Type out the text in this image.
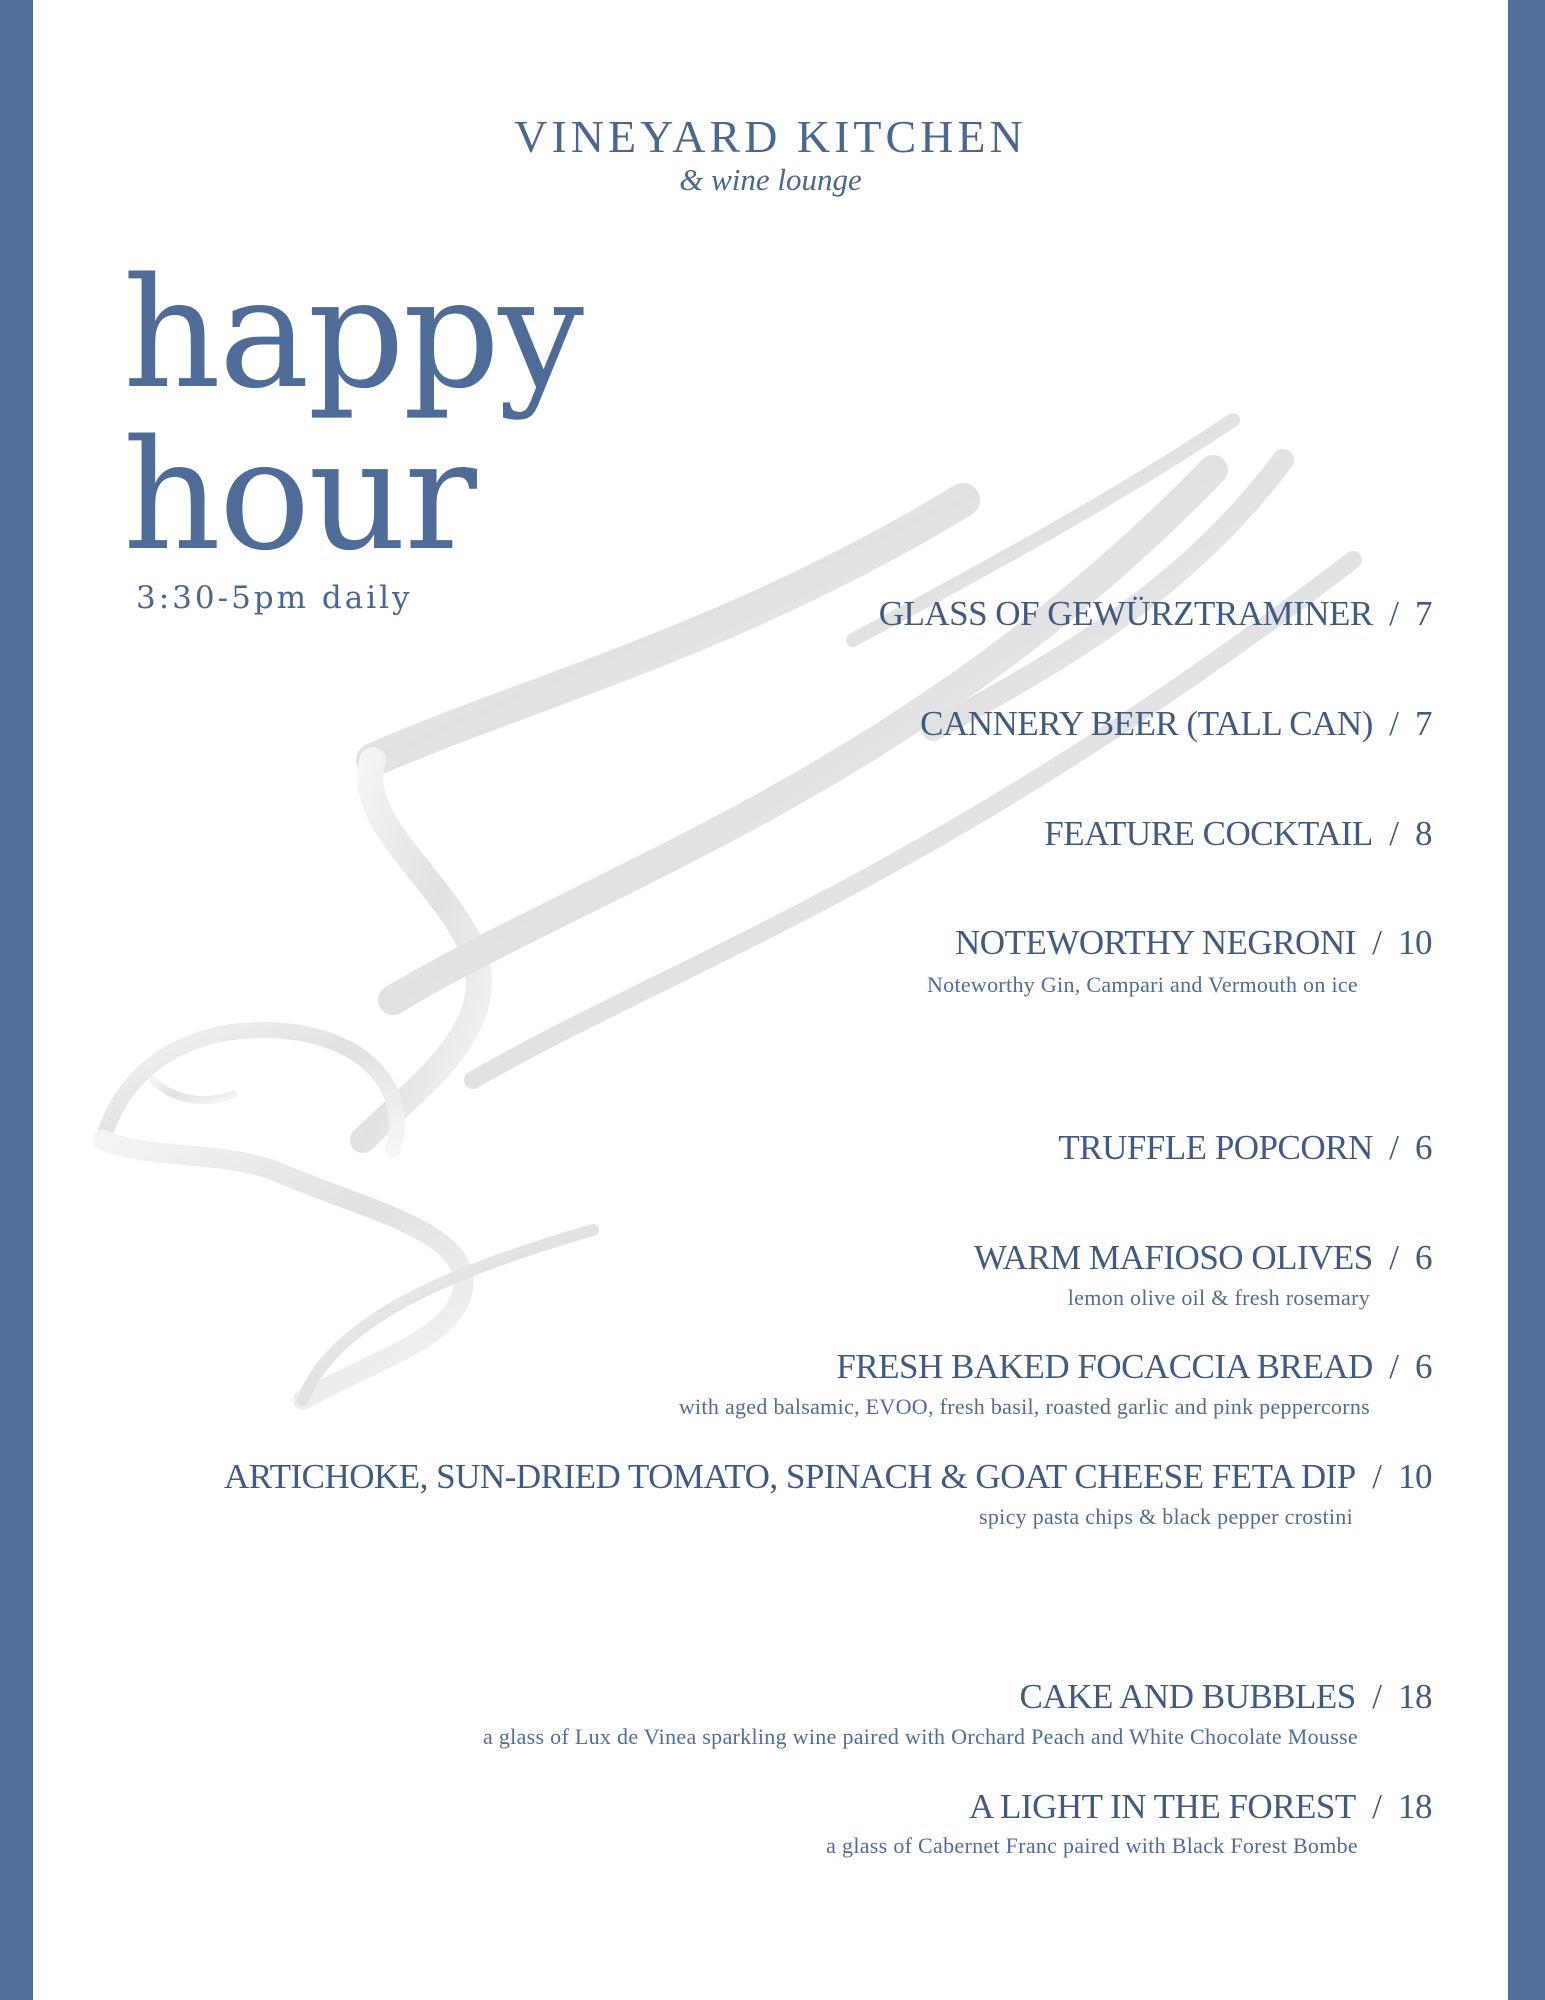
VINEYARD KITCHEN
& wine lounge
happy
hour
3:30-5pm daily	GLASS OF GEWÜRZTRAMINER / 7
CANNERY BEER (TALL CAN) / 7
FEATURE COCKTAIL / 8
NOTEWORTHY NEGRONI / 10
Noteworthy Gin, Campari and Vermouth on ice
TRUFFLE POPCORN / 6
WARM MAFIOSO OLIVES / 6
lemon olive oil & fresh rosemary
FRESH BAKED FOCACCIA BREAD / 6
with aged balsamic, EVOO, fresh basil, roasted garlic and pink peppercorns
ARTICHOKE, SUN-DRIED TOMATO, SPINACH & GOAT CHEESE FETA DIP / 10
spicy pasta chips & black pepper crostini
CAKE AND BUBBLES / 18
a glass of Lux de Vinea sparkling wine paired with Orchard Peach and White Chocolate Mousse
A LIGHT IN THE FOREST / 18
a glass of Cabernet Franc paired with Black Forest Bombe
